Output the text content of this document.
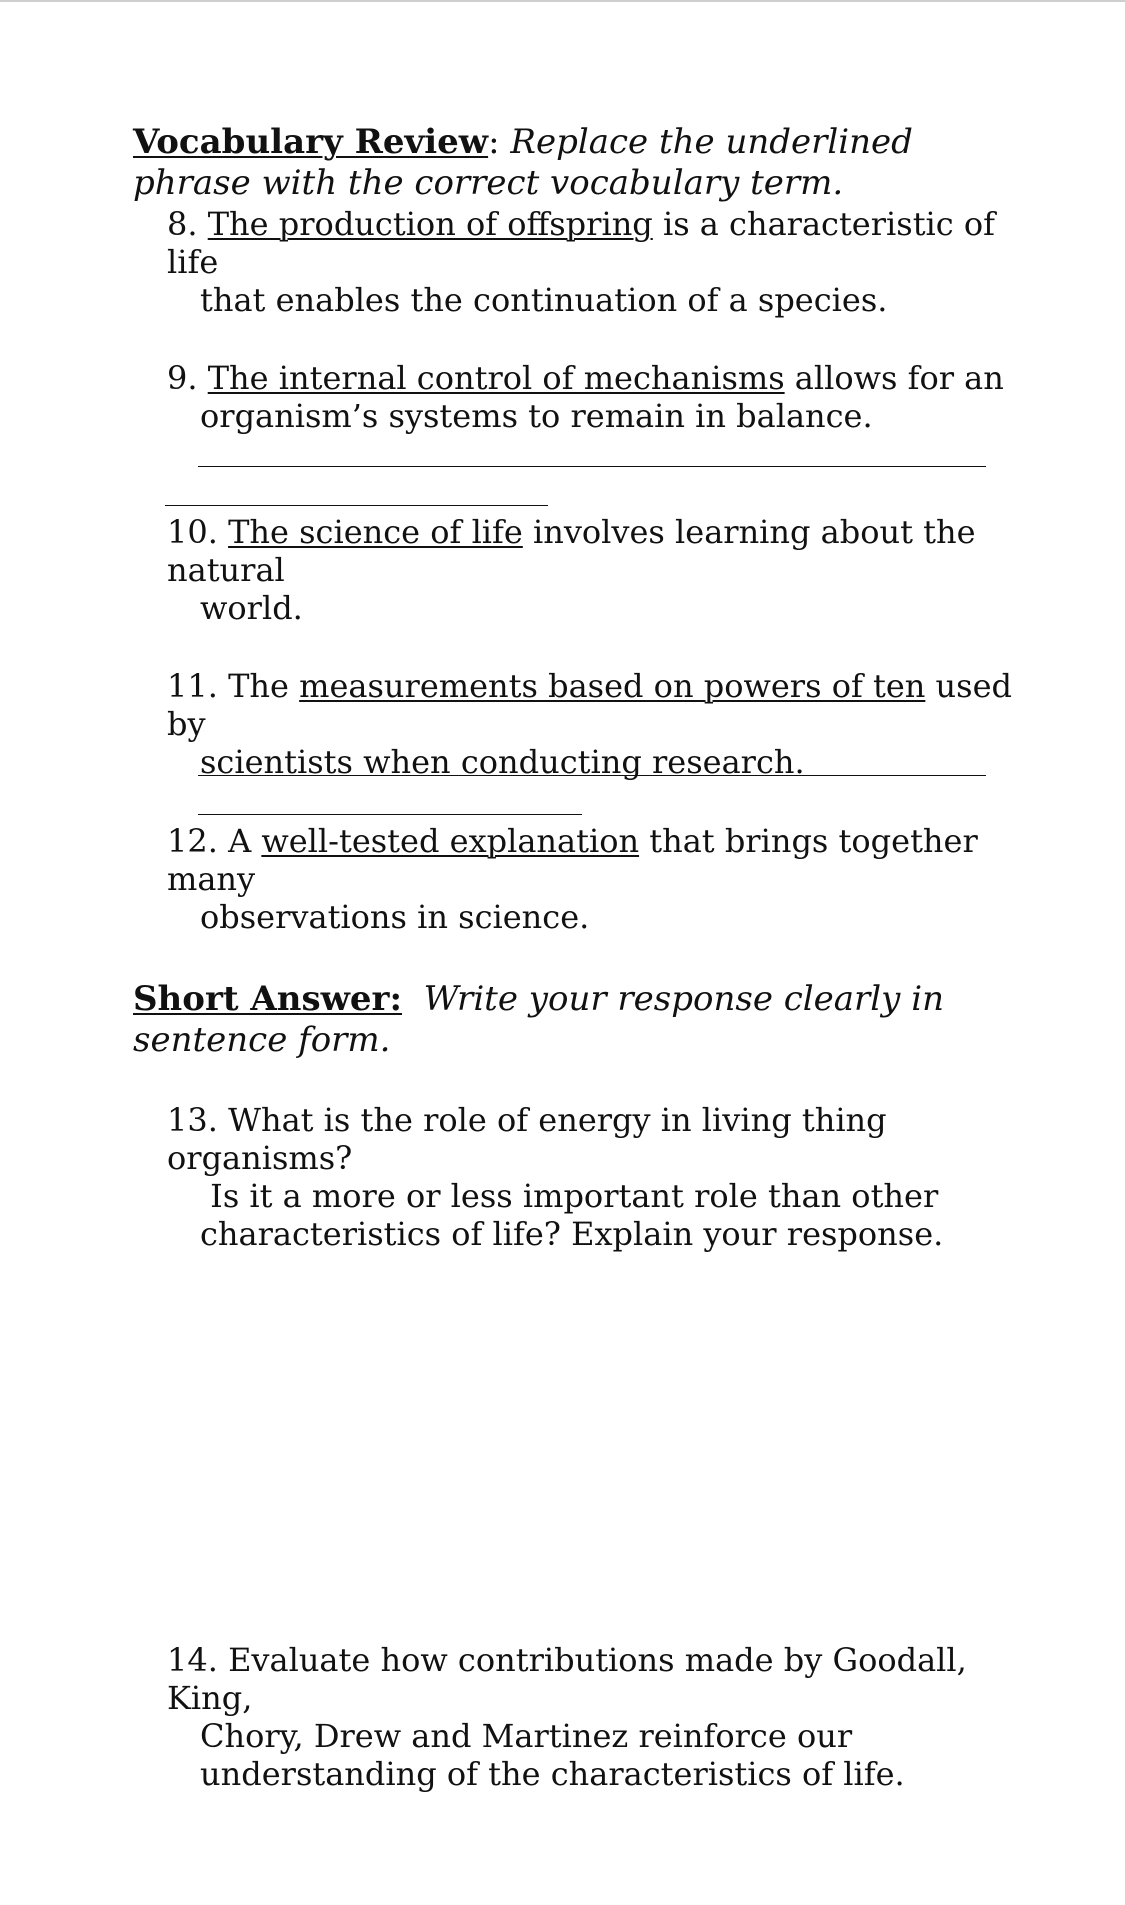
Vocabulary Review: Replace the underlined phrase with the correct vocabulary term.
8. The production of offspring is a characteristic of life
that enables the continuation of a species.
9. The internal control of mechanisms allows for an
organism’s systems to remain in balance.
10. The science of life involves learning about the natural
world.
11. The measurements based on powers of ten used by
scientists when conducting research.
12. A well-tested explanation that brings together many
observations in science.
Short Answer: Write your response clearly in sentence form.
13. What is the role of energy in living thing organisms?
Is it a more or less important role than other
characteristics of life? Explain your response.
14. Evaluate how contributions made by Goodall, King,
Chory, Drew and Martinez reinforce our
understanding of the characteristics of life.
